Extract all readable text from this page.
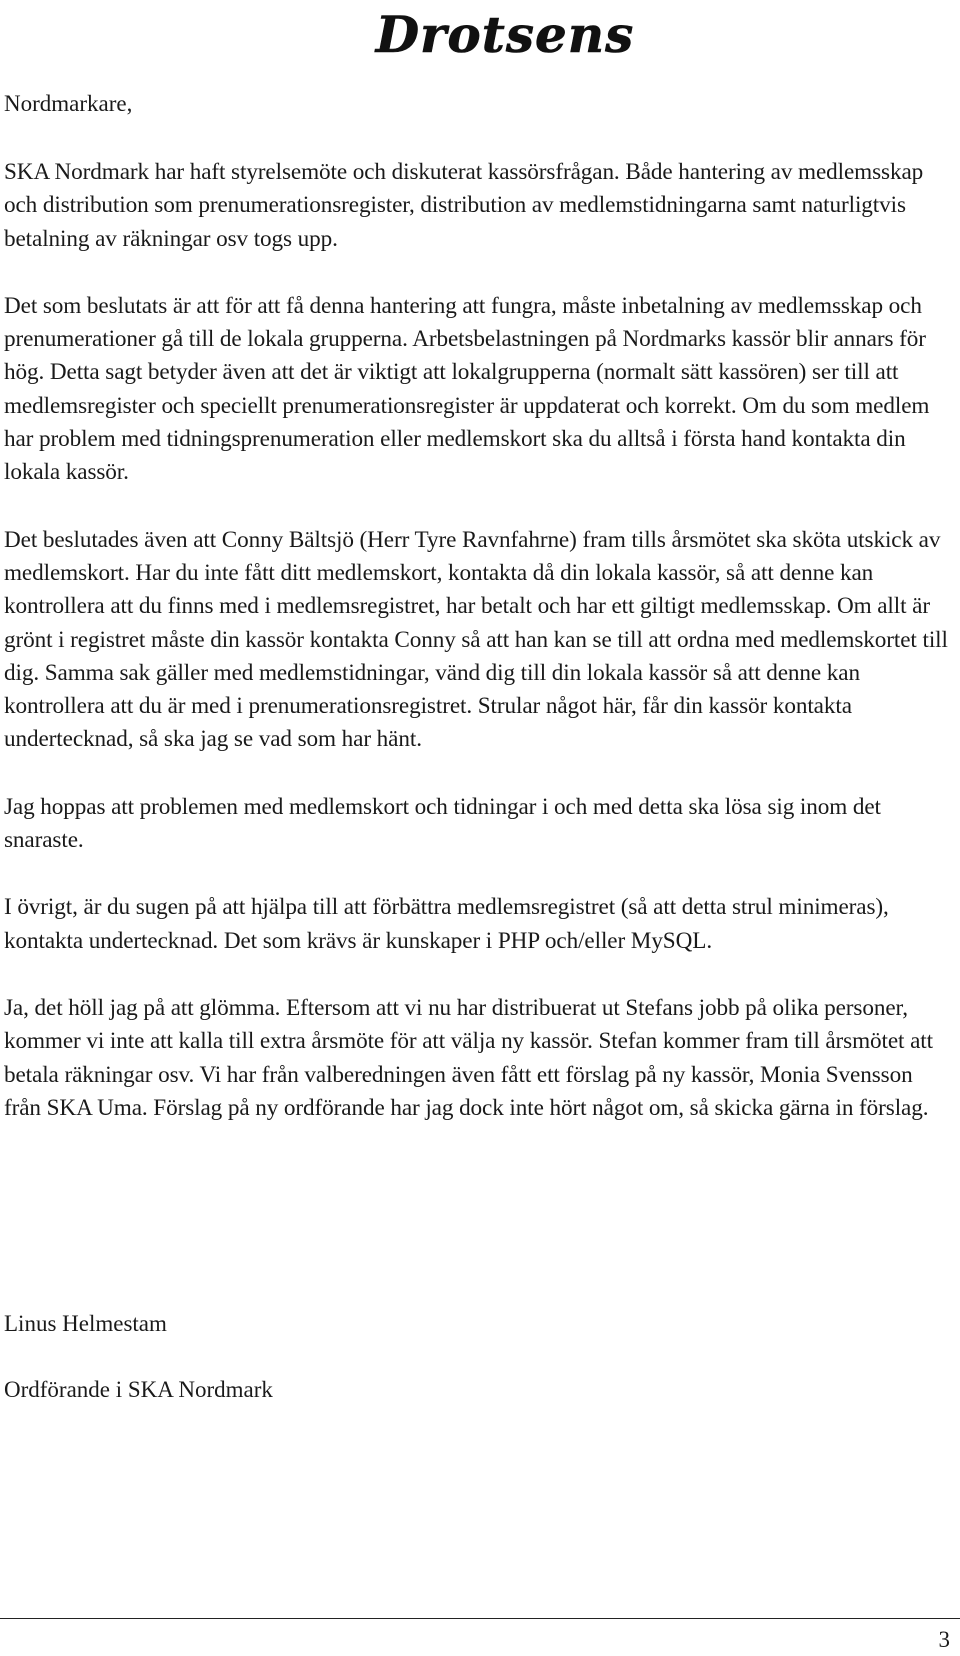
Drotsens

Nordmarkare,

SKA Nordmark har haft styrelsemöte och diskuterat kassörsfrågan. Både hantering av medlemsskap och distribution som prenumerationsregister, distribution av medlemstidningarna samt naturligtvis betalning av räkningar osv togs upp.

Det som beslutats är att för att få denna hantering att fungra, måste inbetalning av medlemsskap och prenumerationer gå till de lokala grupperna. Arbetsbelastningen på Nordmarks kassör blir annars för hög. Detta sagt betyder även att det är viktigt att lokalgrupperna (normalt sätt kassören) ser till att medlemsregister och speciellt prenumerationsregister är uppdaterat och korrekt. Om du som medlem har problem med tidningsprenumeration eller medlemskort ska du alltså i första hand kontakta din lokala kassör.

Det beslutades även att Conny Bältsjö (Herr Tyre Ravnfahrne) fram tills årsmötet ska sköta utskick av medlemskort. Har du inte fått ditt medlemskort, kontakta då din lokala kassör, så att denne kan kontrollera att du finns med i medlemsregistret, har betalt och har ett giltigt medlemsskap. Om allt är grönt i registret måste din kassör kontakta Conny så att han kan se till att ordna med medlemskortet till dig. Samma sak gäller med medlemstidningar, vänd dig till din lokala kassör så att denne kan kontrollera att du är med i prenumerationsregistret. Strular något här, får din kassör kontakta undertecknad, så ska jag se vad som har hänt.

Jag hoppas att problemen med medlemskort och tidningar i och med detta ska lösa sig inom det snaraste.

I övrigt, är du sugen på att hjälpa till att förbättra medlemsregistret (så att detta strul minimeras), kontakta undertecknad. Det som krävs är kunskaper i PHP och/eller MySQL.

Ja, det höll jag på att glömma. Eftersom att vi nu har distribuerat ut Stefans jobb på olika personer, kommer vi inte att kalla till extra årsmöte för att välja ny kassör. Stefan kommer fram till årsmötet att betala räkningar osv. Vi har från valberedningen även fått ett förslag på ny kassör, Monia Svensson från SKA Uma. Förslag på ny ordförande har jag dock inte hört något om, så skicka gärna in förslag.

Linus Helmestam

Ordförande i SKA Nordmark

3
